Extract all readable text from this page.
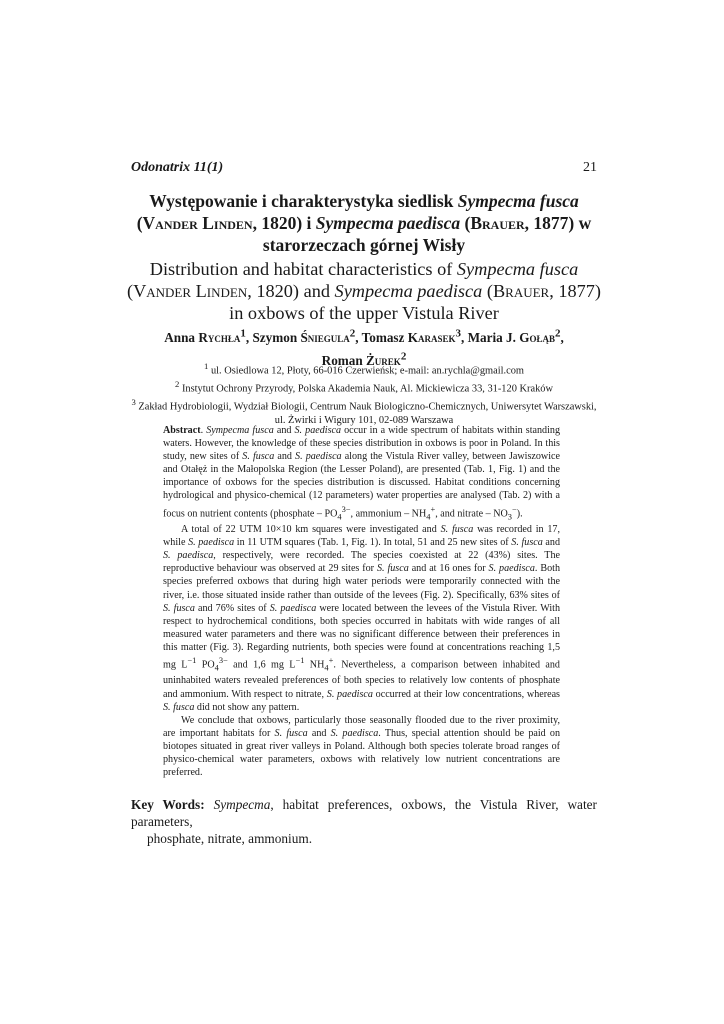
Odonatrix 11(1)	21
Występowanie i charakterystyka siedlisk Sympecma fusca (Vander Linden, 1820) i Sympecma paedisca (Brauer, 1877) w starorzeczach górnej Wisły
Distribution and habitat characteristics of Sympecma fusca (Vander Linden, 1820) and Sympecma paedisca (Brauer, 1877) in oxbows of the upper Vistula River
Anna Rychła$^1$, Szymon Śniegula$^2$, Tomasz Karasek$^3$, Maria J. Gołąb$^2$,
Roman Żurek$^2$
$^1$ ul. Osiedlowa 12, Płoty, 66-016 Czerwieńsk; e-mail: an.rychla@gmail.com
$^2$ Instytut Ochrony Przyrody, Polska Akademia Nauk, Al. Mickiewicza 33, 31-120 Kraków
$^3$ Zakład Hydrobiologii, Wydział Biologii, Centrum Nauk Biologiczno-Chemicznych, Uniwersytet Warszawski, ul. Żwirki i Wigury 101, 02-089 Warszawa

Abstract. Sympecma fusca and S. paedisca occur in a wide spectrum of habitats within standing waters. However, the knowledge of these species distribution in oxbows is poor in Poland. In this study, new sites of S. fusca and S. paedisca along the Vistula River valley, between Jawiszowice and Otałęż in the Małopolska Region (the Lesser Poland), are presented (Tab. 1, Fig. 1) and the importance of oxbows for the species distribution is discussed. Habitat conditions concerning hydrological and physico-chemical (12 parameters) water properties are analysed (Tab. 2) with a focus on nutrient contents (phosphate – $PO_4^{3-}$, ammonium – $NH_4^+$, and nitrate – $NO_3^-$).

A total of 22 UTM 10×10 km squares were investigated and S. fusca was recorded in 17, while S. paedisca in 11 UTM squares (Tab. 1, Fig. 1). In total, 51 and 25 new sites of S. fusca and S. paedisca, respectively, were recorded. The species coexisted at 22 (43%) sites. The reproductive behaviour was observed at 29 sites for S. fusca and at 16 ones for S. paedisca. Both species preferred oxbows that during high water periods were temporarily connected with the river, i.e. those situated inside rather than outside of the levees (Fig. 2). Specifically, 63% sites of S. fusca and 76% sites of S. paedisca were located between the levees of the Vistula River. With respect to hydrochemical conditions, both species occurred in habitats with wide ranges of all measured water parameters and there was no significant difference between their preferences in this matter (Fig. 3). Regarding nutrients, both species were found at concentrations reaching 1,5 mg $L^{-1}$ $PO_4^{3-}$ and 1,6 mg $L^{-1}$ $NH_4^+$. Nevertheless, a comparison between inhabited and uninhabited waters revealed preferences of both species to relatively low contents of phosphate and ammonium. With respect to nitrate, S. paedisca occurred at their low concentrations, whereas S. fusca did not show any pattern.

We conclude that oxbows, particularly those seasonally flooded due to the river proximity, are important habitats for S. fusca and S. paedisca. Thus, special attention should be paid on biotopes situated in great river valleys in Poland. Although both species tolerate broad ranges of physico-chemical water parameters, oxbows with relatively low nutrient concentrations are preferred.

Key Words: Sympecma, habitat preferences, oxbows, the Vistula River, water parameters,
phosphate, nitrate, ammonium.
